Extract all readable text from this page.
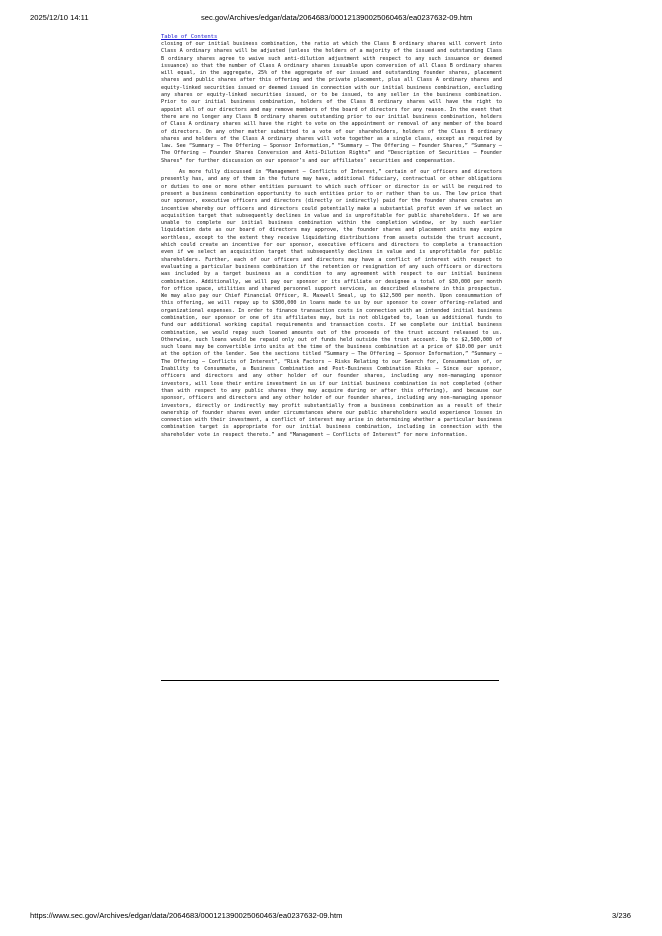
2025/12/10 14:11	sec.gov/Archives/edgar/data/2064683/000121390025060463/ea0237632-09.htm
Table of Contents

closing of our initial business combination, the ratio at which the Class B ordinary shares will convert into Class A ordinary shares will be adjusted (unless the holders of a majority of the issued and outstanding Class B ordinary shares agree to waive such anti-dilution adjustment with respect to any such issuance or deemed issuance) so that the number of Class A ordinary shares issuable upon conversion of all Class B ordinary shares will equal, in the aggregate, 25% of the aggregate of our issued and outstanding founder shares, placement shares and public shares after this offering and the private placement, plus all Class A ordinary shares and equity-linked securities issued or deemed issued in connection with our initial business combination, excluding any shares or equity-linked securities issued, or to be issued, to any seller in the business combination. Prior to our initial business combination, holders of the Class B ordinary shares will have the right to appoint all of our directors and may remove members of the board of directors for any reason. In the event that there are no longer any Class B ordinary shares outstanding prior to our initial business combination, holders of Class A ordinary shares will have the right to vote on the appointment or removal of any member of the board of directors. On any other matter submitted to a vote of our shareholders, holders of the Class B ordinary shares and holders of the Class A ordinary shares will vote together as a single class, except as required by law. See “Summary — The Offering — Sponsor Information,” “Summary — The Offering — Founder Shares,” “Summary — The Offering — Founder Shares Conversion and Anti-Dilution Rights” and “Description of Securities — Founder Shares” for further discussion on our sponsor’s and our affiliates’ securities and compensation.

As more fully discussed in “Management — Conflicts of Interest,” certain of our officers and directors presently has, and any of them in the future may have, additional fiduciary, contractual or other obligations or duties to one or more other entities pursuant to which such officer or director is or will be required to present a business combination opportunity to such entities prior to or rather than to us. The low price that our sponsor, executive officers and directors (directly or indirectly) paid for the founder shares creates an incentive whereby our officers and directors could potentially make a substantial profit even if we select an acquisition target that subsequently declines in value and is unprofitable for public shareholders. If we are unable to complete our initial business combination within the completion window, or by such earlier liquidation date as our board of directors may approve, the founder shares and placement units may expire worthless, except to the extent they receive liquidating distributions from assets outside the trust account, which could create an incentive for our sponsor, executive officers and directors to complete a transaction even if we select an acquisition target that subsequently declines in value and is unprofitable for public shareholders. Further, each of our officers and directors may have a conflict of interest with respect to evaluating a particular business combination if the retention or resignation of any such officers or directors was included by a target business as a condition to any agreement with respect to our initial business combination. Additionally, we will pay our sponsor or its affiliate or designee a total of $30,000 per month for office space, utilities and shared personnel support services, as described elsewhere in this prospectus. We may also pay our Chief Financial Officer, R. Maxwell Smeal, up to $12,500 per month. Upon consummation of this offering, we will repay up to $300,000 in loans made to us by our sponsor to cover offering-related and organizational expenses. In order to finance transaction costs in connection with an intended initial business combination, our sponsor or one of its affiliates may, but is not obligated to, loan us additional funds to fund our additional working capital requirements and transaction costs. If we complete our initial business combination, we would repay such loaned amounts out of the proceeds of the trust account released to us. Otherwise, such loans would be repaid only out of funds held outside the trust account. Up to $2,500,000 of such loans may be convertible into units at the time of the business combination at a price of $10.00 per unit at the option of the lender. See the sections titled “Summary — The Offering — Sponsor Information,” “Summary — The Offering — Conflicts of Interest”, “Risk Factors — Risks Relating to our Search for, Consummation of, or Inability to Consummate, a Business Combination and Post-Business Combination Risks — Since our sponsor, officers and directors and any other holder of our founder shares, including any non-managing sponsor investors, will lose their entire investment in us if our initial business combination is not completed (other than with respect to any public shares they may acquire during or after this offering), and because our sponsor, officers and directors and any other holder of our founder shares, including any non-managing sponsor investors, directly or indirectly may profit substantially from a business combination as a result of their ownership of founder shares even under circumstances where our public shareholders would experience losses in connection with their investment, a conflict of interest may arise in determining whether a particular business combination target is appropriate for our initial business combination, including in connection with the shareholder vote in respect thereto.” and “Management — Conflicts of Interest” for more information.

https://www.sec.gov/Archives/edgar/data/2064683/000121390025060463/ea0237632-09.htm	3/236
